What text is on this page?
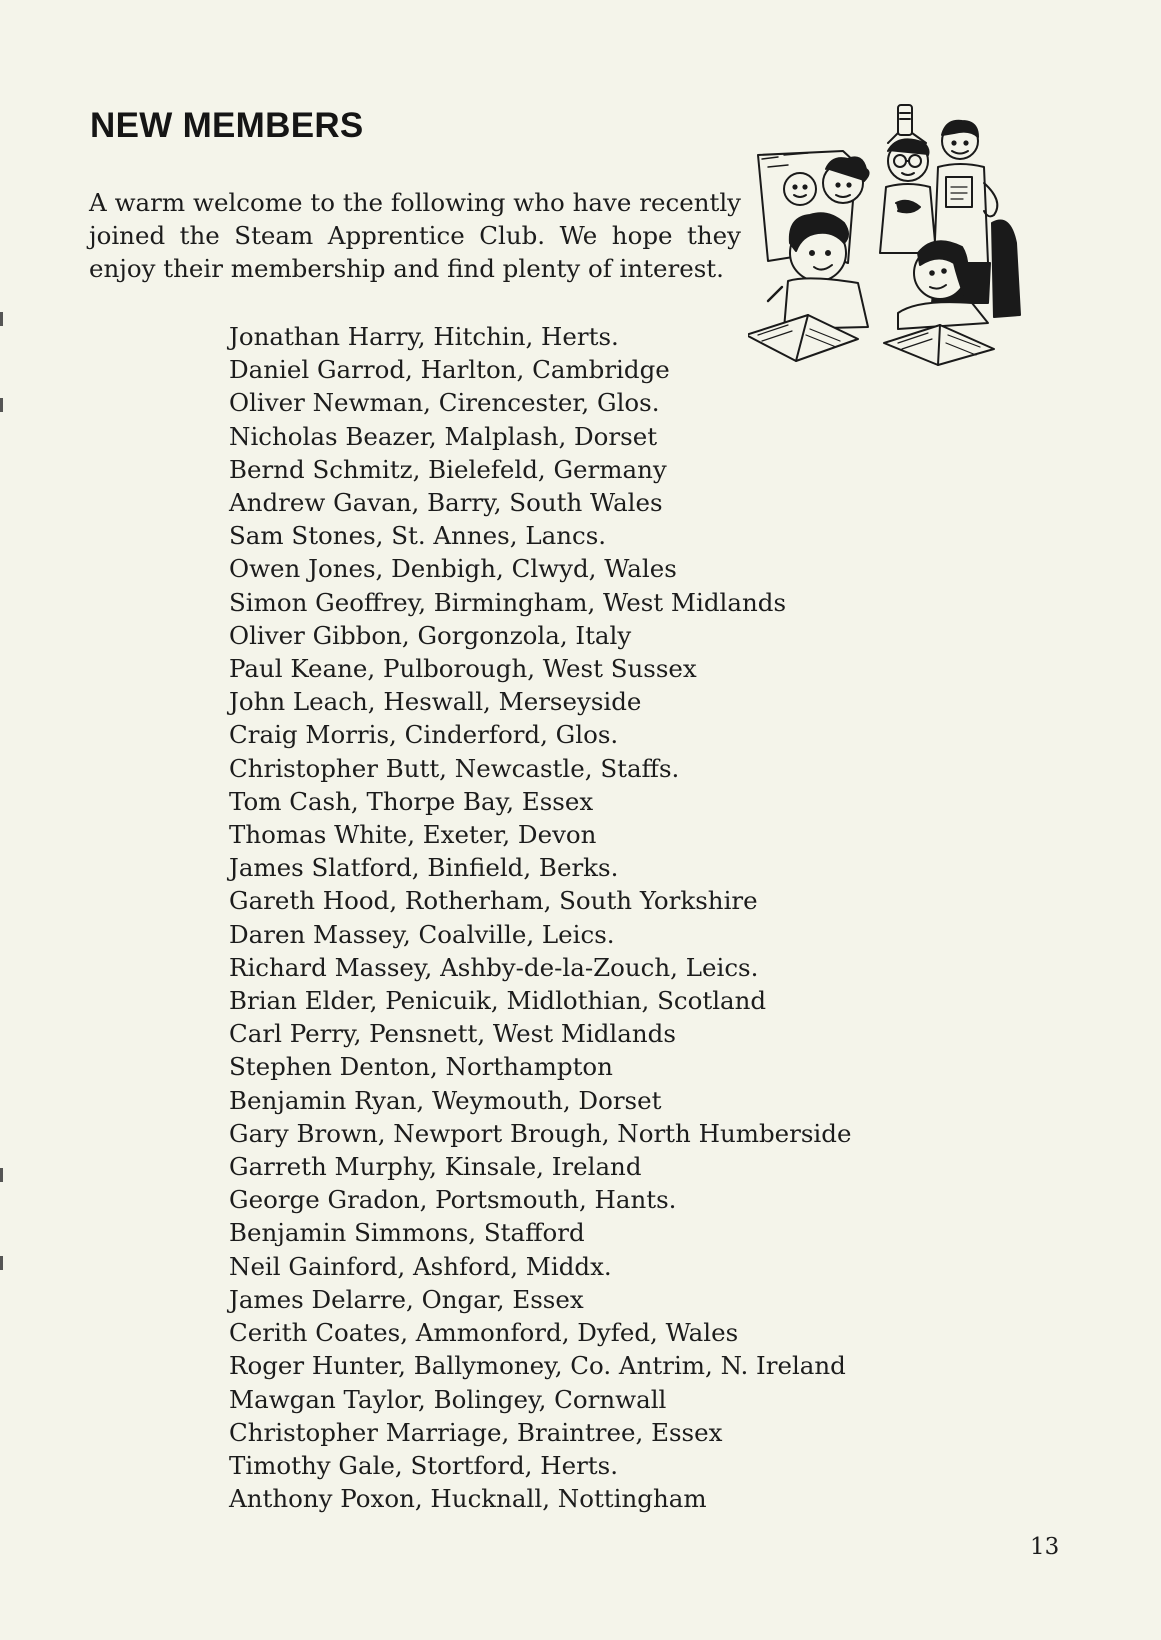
NEW MEMBERS

A warm welcome to the following who have recently joined the Steam Apprentice Club. We hope they enjoy their membership and find plenty of interest.

Jonathan Harry, Hitchin, Herts.
Daniel Garrod, Harlton, Cambridge
Oliver Newman, Cirencester, Glos.
Nicholas Beazer, Malplash, Dorset
Bernd Schmitz, Bielefeld, Germany
Andrew Gavan, Barry, South Wales
Sam Stones, St. Annes, Lancs.
Owen Jones, Denbigh, Clwyd, Wales
Simon Geoffrey, Birmingham, West Midlands
Oliver Gibbon, Gorgonzola, Italy
Paul Keane, Pulborough, West Sussex
John Leach, Heswall, Merseyside
Craig Morris, Cinderford, Glos.
Christopher Butt, Newcastle, Staffs.
Tom Cash, Thorpe Bay, Essex
Thomas White, Exeter, Devon
James Slatford, Binfield, Berks.
Gareth Hood, Rotherham, South Yorkshire
Daren Massey, Coalville, Leics.
Richard Massey, Ashby-de-la-Zouch, Leics.
Brian Elder, Penicuik, Midlothian, Scotland
Carl Perry, Pensnett, West Midlands
Stephen Denton, Northampton
Benjamin Ryan, Weymouth, Dorset
Gary Brown, Newport Brough, North Humberside
Garreth Murphy, Kinsale, Ireland
George Gradon, Portsmouth, Hants.
Benjamin Simmons, Stafford
Neil Gainford, Ashford, Middx.
James Delarre, Ongar, Essex
Cerith Coates, Ammonford, Dyfed, Wales
Roger Hunter, Ballymoney, Co. Antrim, N. Ireland
Mawgan Taylor, Bolingey, Cornwall
Christopher Marriage, Braintree, Essex
Timothy Gale, Stortford, Herts.
Anthony Poxon, Hucknall, Nottingham
13
